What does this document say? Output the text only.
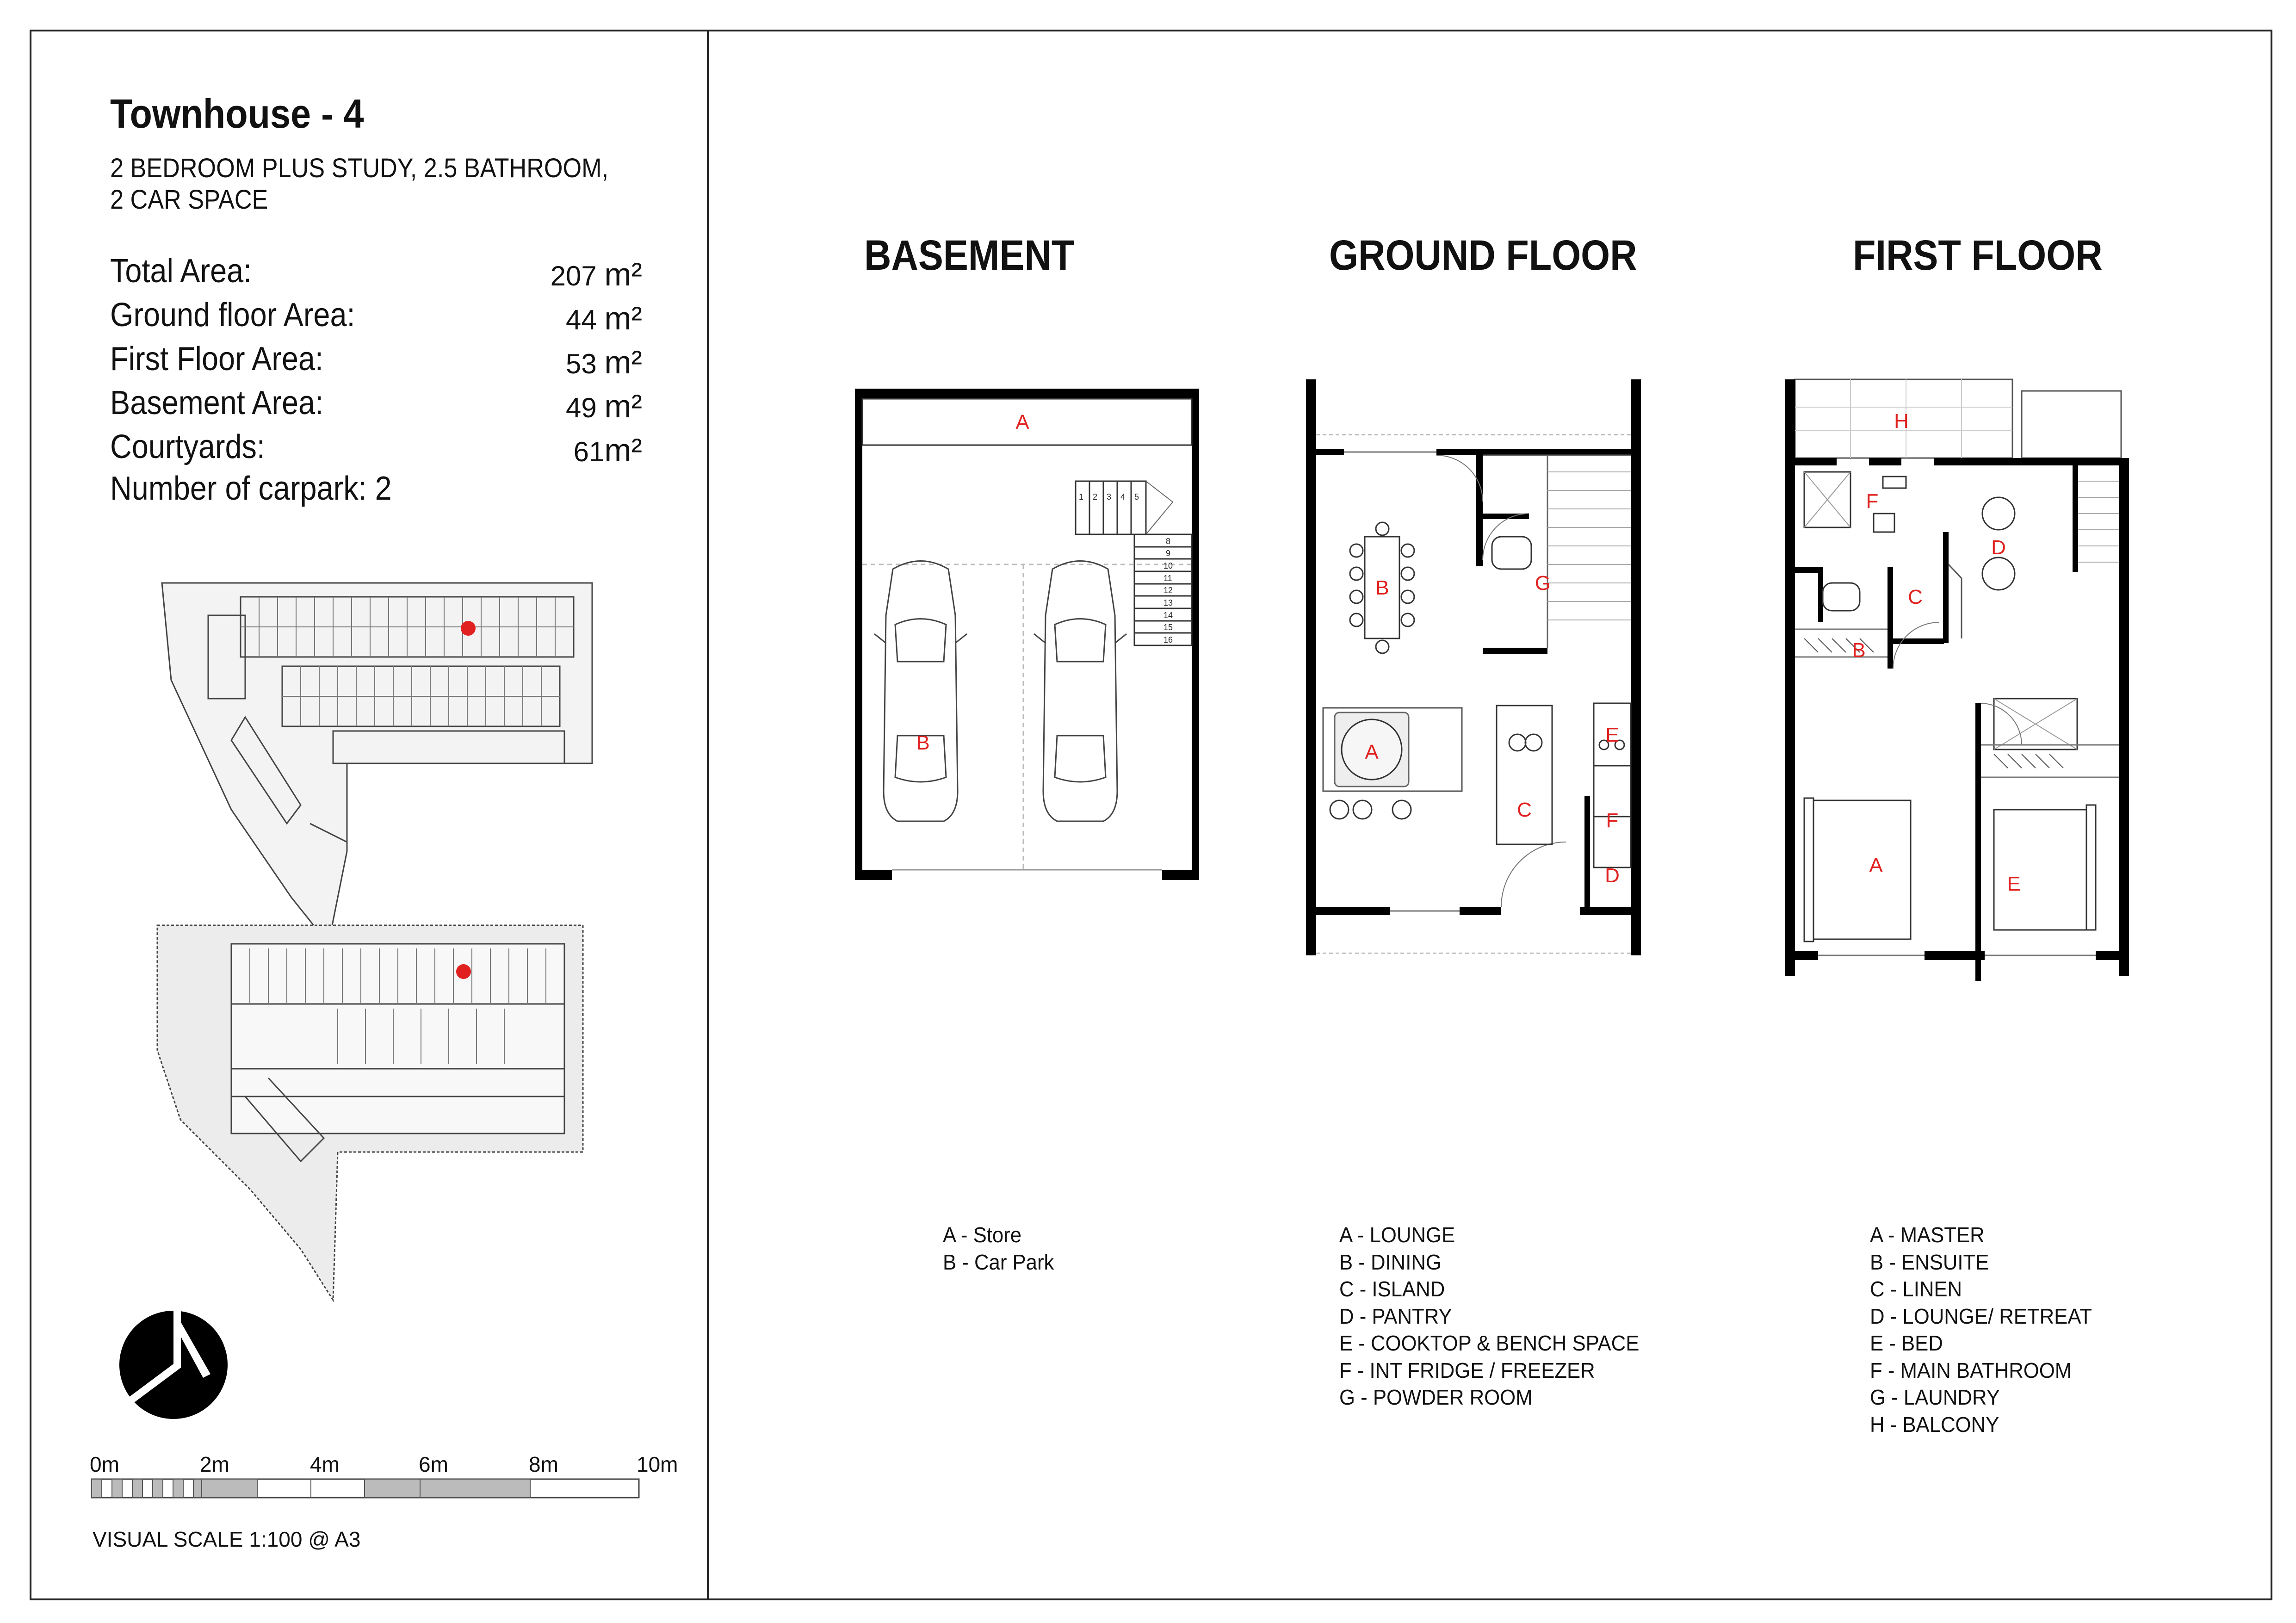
Townhouse - 4
2 BEDROOM PLUS STUDY, 2.5 BATHROOM,
2 CAR SPACE
Total Area:	207 m²
Ground floor Area:	44 m²
First Floor Area:	53 m²
Basement Area:	49 m²
Courtyards:	61m²
Number of carpark: 2
0m	2m	4m	6m	8m	10m
VISUAL SCALE 1:100 @ A3
BASEMENT	GROUND FLOOR	FIRST FLOOR
A
B
1 2 3 4 5
8
9
10
11
12
13
14
15
16
A
B
C
D
E
F
G
H
F
C
B
D
A
E
A - Store
B - Car Park
A - LOUNGE
B - DINING
C - ISLAND
D - PANTRY
E - COOKTOP & BENCH SPACE
F - INT FRIDGE / FREEZER
G - POWDER ROOM
A - MASTER
B - ENSUITE
C - LINEN
D - LOUNGE/ RETREAT
E - BED
F - MAIN BATHROOM
G - LAUNDRY
H - BALCONY
